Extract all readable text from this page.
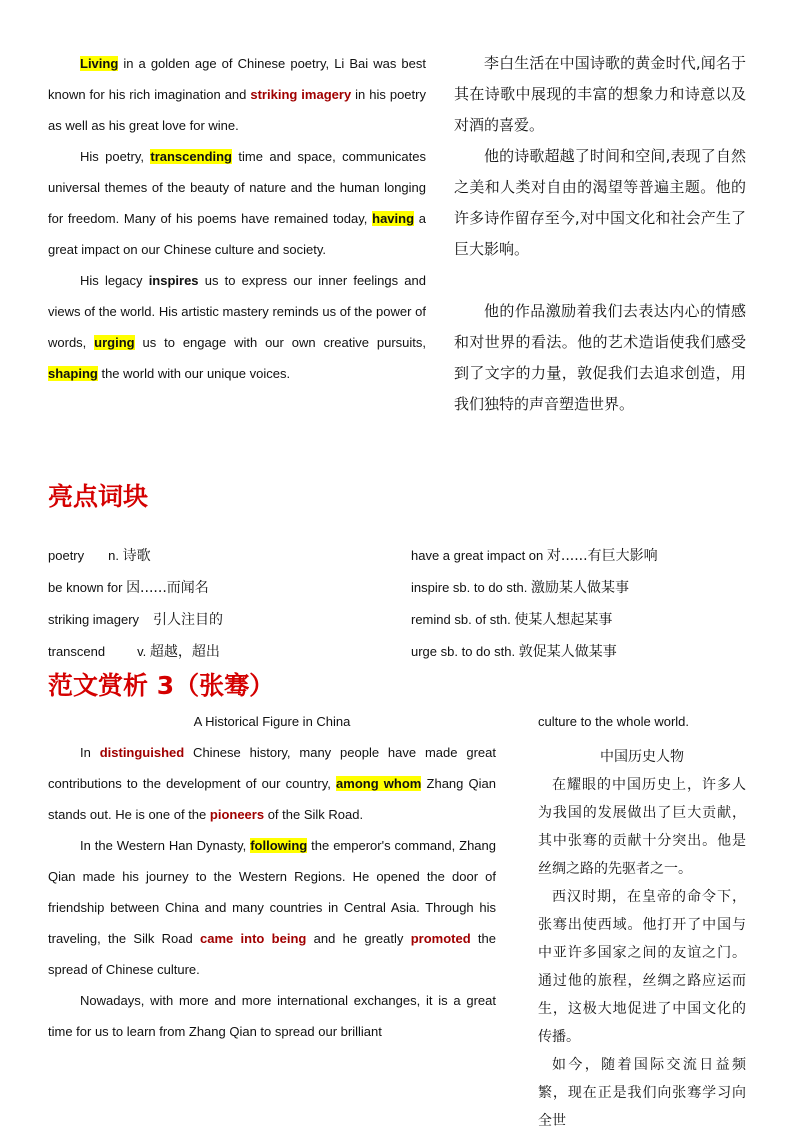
Living in a golden age of Chinese poetry, Li Bai was best known for his rich imagination and striking imagery in his poetry as well as his great love for wine.

His poetry, transcending time and space, communicates universal themes of the beauty of nature and the human longing for freedom. Many of his poems have remained today, having a great impact on our Chinese culture and society.

His legacy inspires us to express our inner feelings and views of the world. His artistic mastery reminds us of the power of words, urging us to engage with our own creative pursuits, shaping the world with our unique voices.

李白生活在中国诗歌的黄金时代,闻名于其在诗歌中展现的丰富的想象力和诗意以及对酒的喜爱。

他的诗歌超越了时间和空间,表现了自然之美和人类对自由的渴望等普遍主题。他的许多诗作留存至今,对中国文化和社会产生了巨大影响。

他的作品激励着我们去表达内心的情感和对世界的看法。他的艺术造诣使我们感受到了文字的力量，敦促我们去追求创造，用我们独特的声音塑造世界。

亮点词块
poetry n. 诗歌
be known for 因......而闻名
striking imagery 引人注目的
transcend v. 超越，超出
have a great impact on 对......有巨大影响
inspire sb. to do sth. 激励某人做某事
remind sb. of sth. 使某人想起某事
urge sb. to do sth. 敦促某人做某事
范文赏析 3（张骞）

A Historical Figure in China

In distinguished Chinese history, many people have made great contributions to the development of our country, among whom Zhang Qian stands out. He is one of the pioneers of the Silk Road.

In the Western Han Dynasty, following the emperor's command, Zhang Qian made his journey to the Western Regions. He opened the door of friendship between China and many countries in Central Asia. Through his traveling, the Silk Road came into being and he greatly promoted the spread of Chinese culture.

Nowadays, with more and more international exchanges, it is a great time for us to learn from Zhang Qian to spread our brilliant

culture to the whole world.

中国历史人物

在耀眼的中国历史上，许多人为我国的发展做出了巨大贡献，其中张骞的贡献十分突出。他是丝绸之路的先驱者之一。

西汉时期，在皇帝的命令下，张骞出使西域。他打开了中国与中亚许多国家之间的友谊之门。通过他的旅程，丝绸之路应运而生，这极大地促进了中国文化的传播。

如今，随着国际交流日益频繁，现在正是我们向张骞学习向全世
